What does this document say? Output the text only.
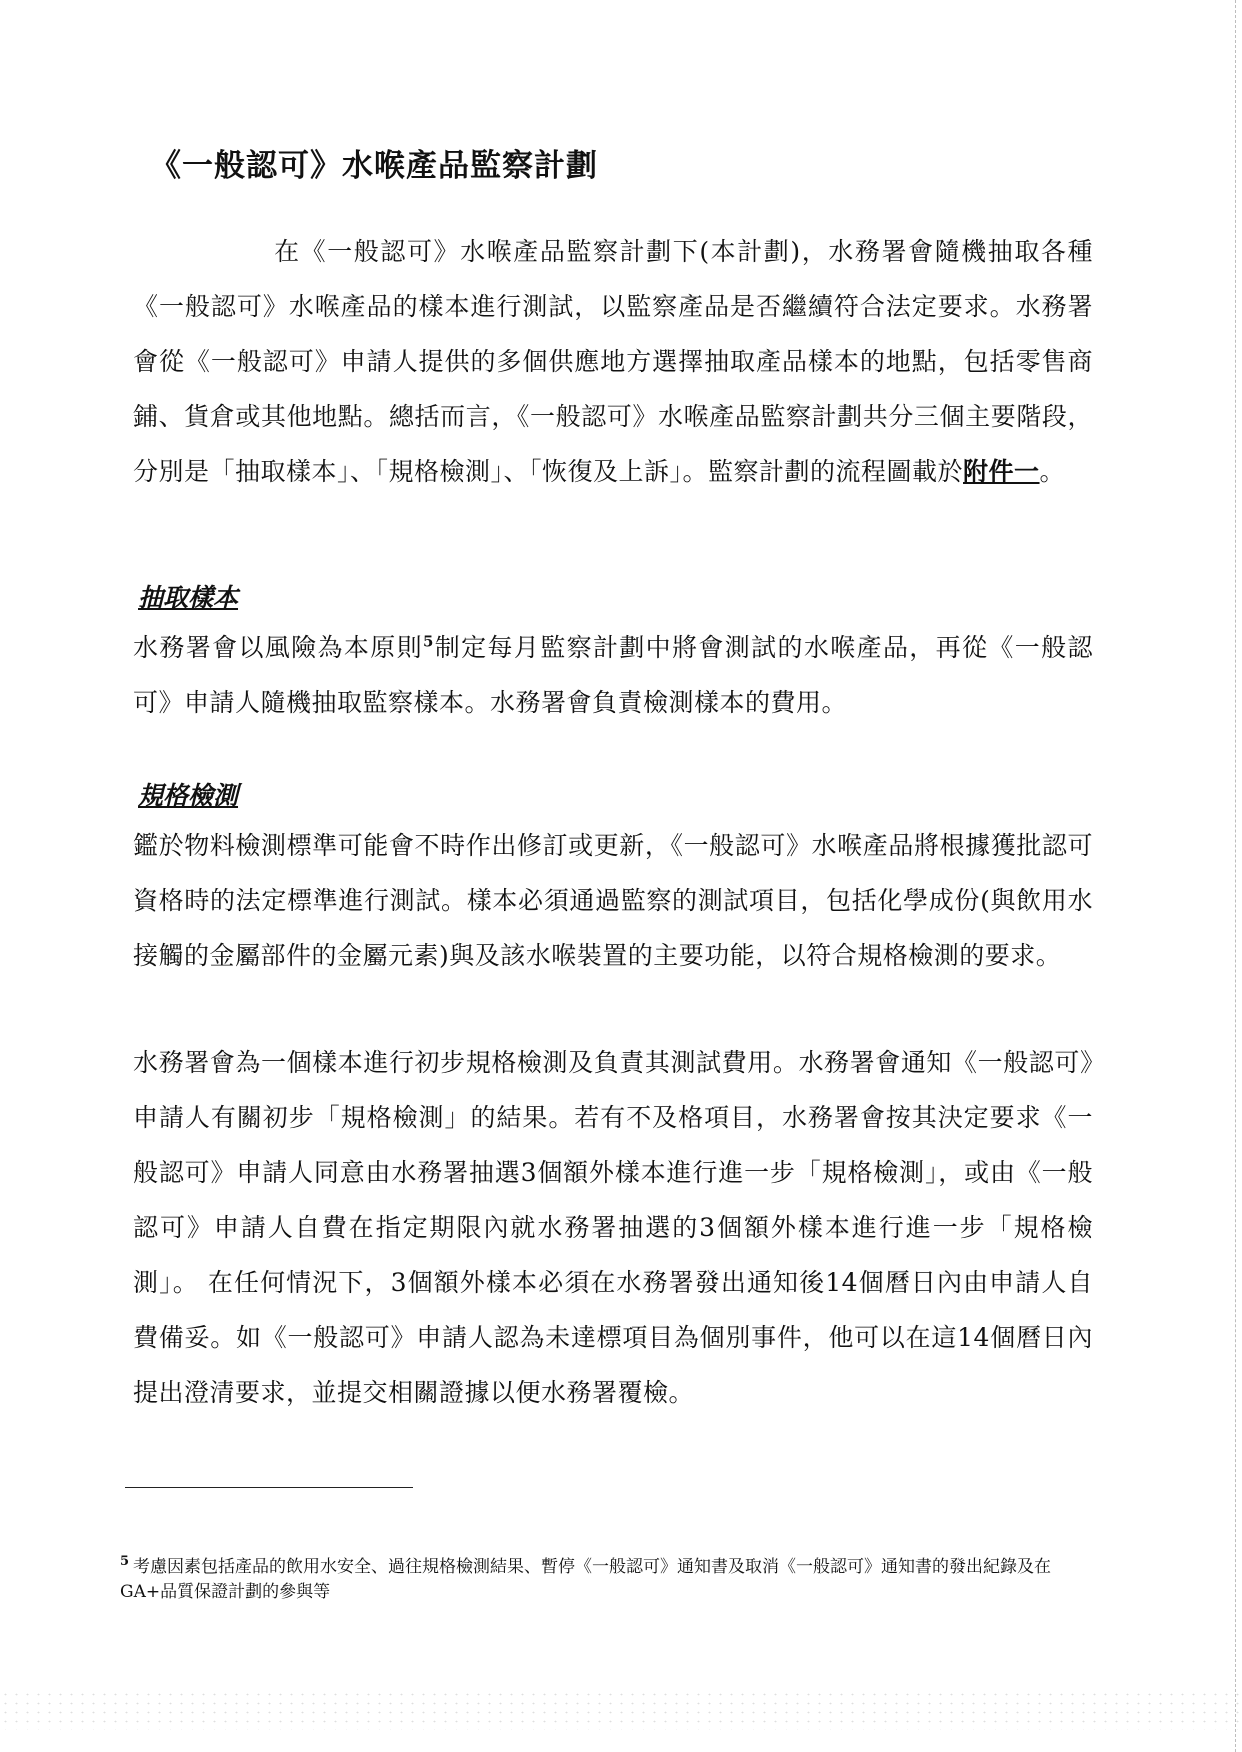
《一般認可》水喉產品監察計劃

在《一般認可》水喉產品監察計劃下(本計劃)，水務署會隨機抽取各種《一般認可》水喉產品的樣本進行測試，以監察產品是否繼續符合法定要求。水務署會從《一般認可》申請人提供的多個供應地方選擇抽取產品樣本的地點，包括零售商鋪、貨倉或其他地點。總括而言，《一般認可》水喉產品監察計劃共分三個主要階段，分別是「抽取樣本」、「規格檢測」、「恢復及上訴」。監察計劃的流程圖載於附件一。

抽取樣本

水務署會以風險為本原則$^5$制定每月監察計劃中將會測試的水喉產品，再從《一般認可》申請人隨機抽取監察樣本。水務署會負責檢測樣本的費用。

規格檢測

鑑於物料檢測標準可能會不時作出修訂或更新，《一般認可》水喉產品將根據獲批認可資格時的法定標準進行測試。樣本必須通過監察的測試項目，包括化學成份(與飲用水接觸的金屬部件的金屬元素)與及該水喉裝置的主要功能，以符合規格檢測的要求。

水務署會為一個樣本進行初步規格檢測及負責其測試費用。水務署會通知《一般認可》申請人有關初步「規格檢測」的結果。若有不及格項目，水務署會按其決定要求《一般認可》申請人同意由水務署抽選3個額外樣本進行進一步「規格檢測」，或由《一般認可》申請人自費在指定期限內就水務署抽選的3個額外樣本進行進一步「規格檢測」。 在任何情況下，3個額外樣本必須在水務署發出通知後14個曆日內由申請人自費備妥。如《一般認可》申請人認為未達標項目為個別事件，他可以在這14個曆日內提出澄清要求，並提交相關證據以便水務署覆檢。

$^5$ 考慮因素包括產品的飲用水安全、過往規格檢測結果、暫停《一般認可》通知書及取消《一般認可》通知書的發出紀錄及在GA+品質保證計劃的參與等
